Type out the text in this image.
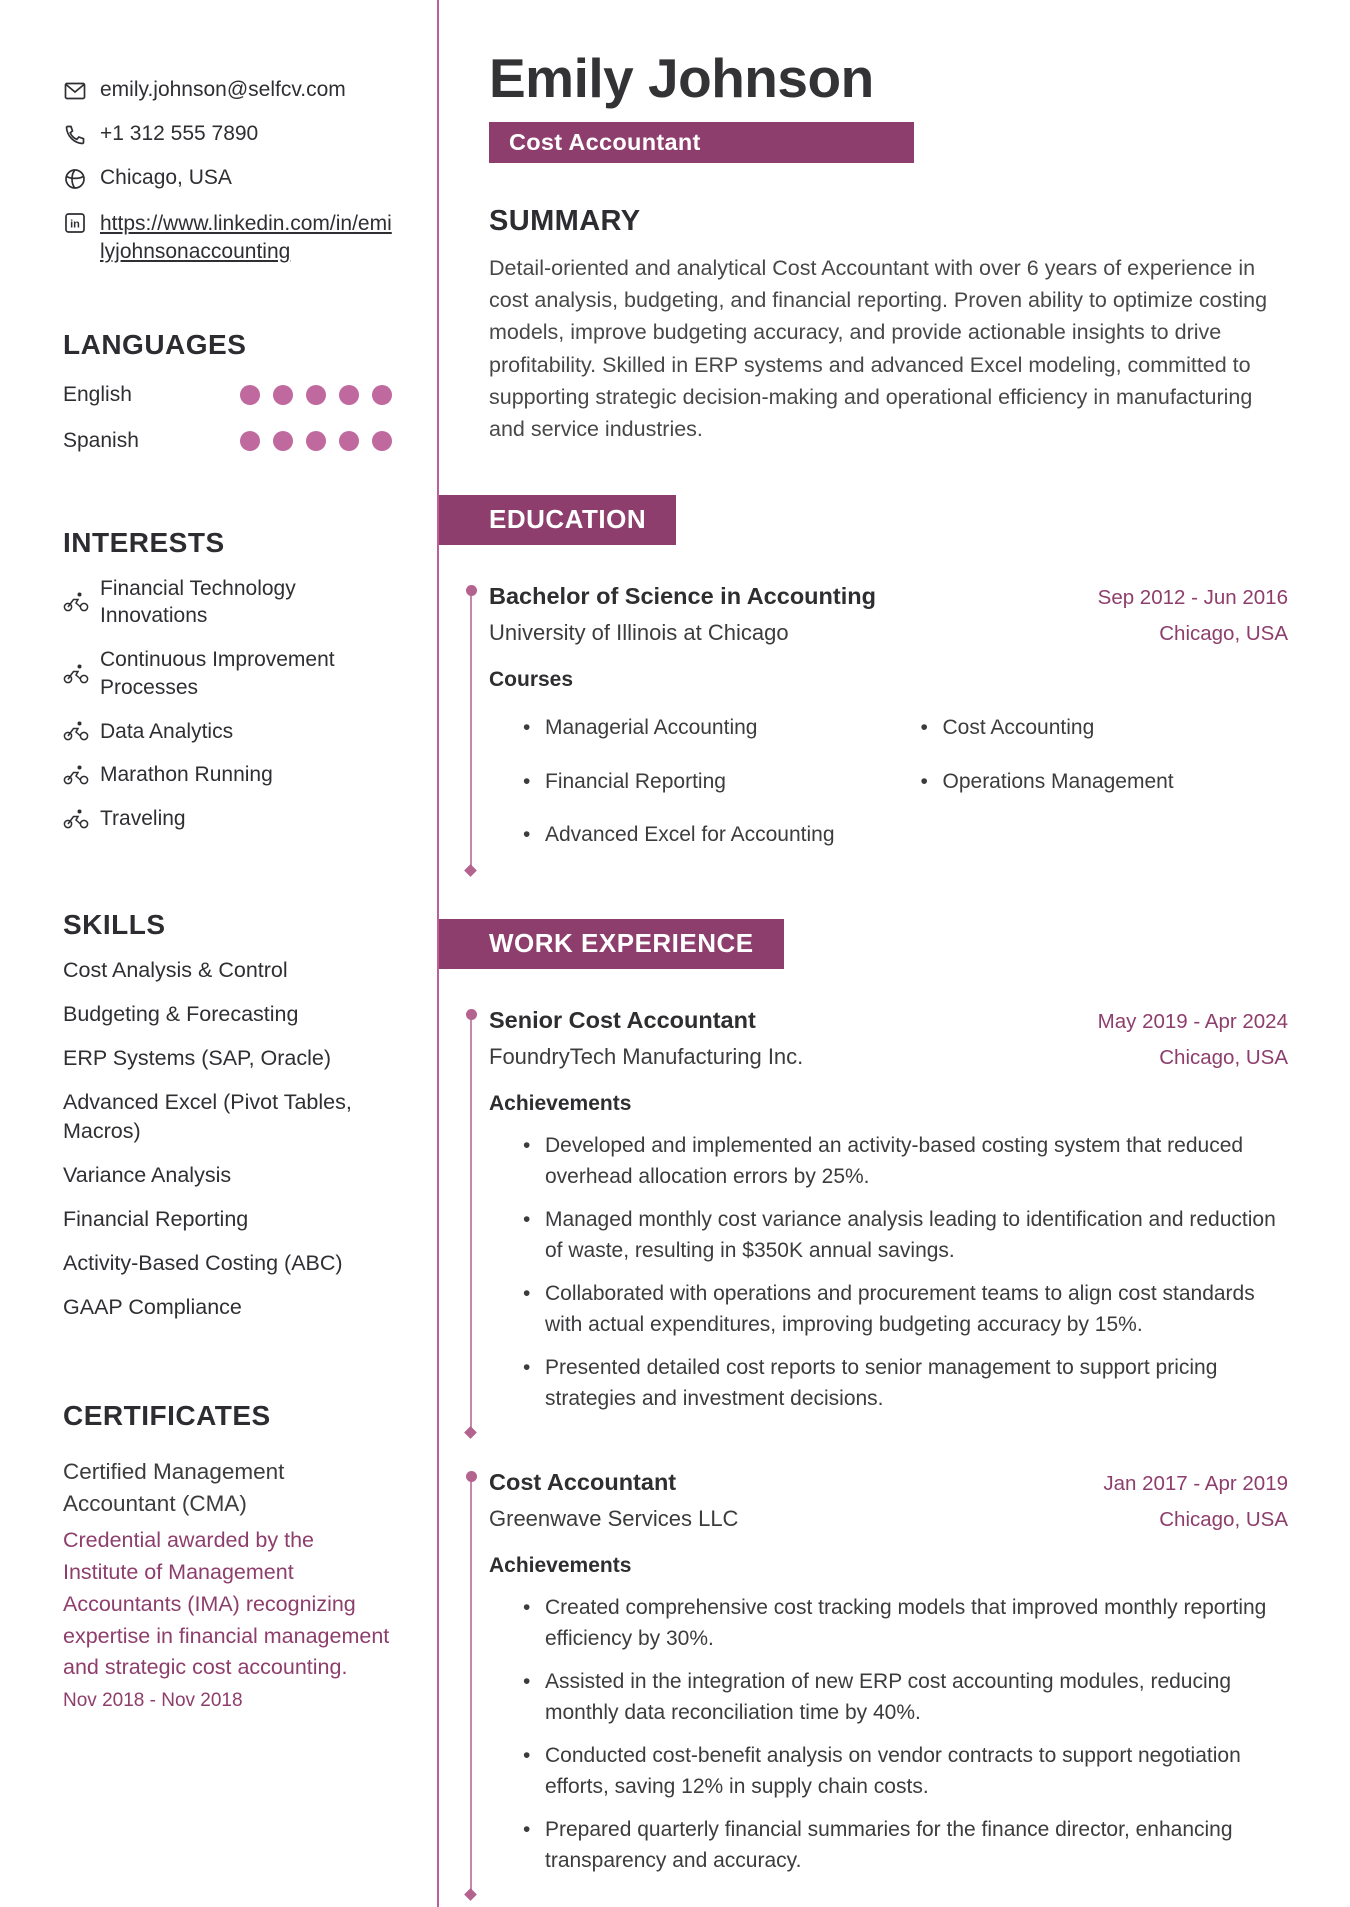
emily.johnson@selfcv.com
+1 312 555 7890
Chicago, USA
in https://www.linkedin.com/in/emilyjohnsonaccounting
LANGUAGES
English
Spanish
INTERESTS
Financial Technology Innovations
Continuous Improvement Processes
Data Analytics
Marathon Running
Traveling
SKILLS
Cost Analysis & Control
Budgeting & Forecasting
ERP Systems (SAP, Oracle)
Advanced Excel (Pivot Tables, Macros)
Variance Analysis
Financial Reporting
Activity-Based Costing (ABC)
GAAP Compliance
CERTIFICATES
Certified Management Accountant (CMA)
Credential awarded by the Institute of Management Accountants (IMA) recognizing expertise in financial management and strategic cost accounting.
Nov 2018 - Nov 2018
Emily Johnson
Cost Accountant
SUMMARY

Detail-oriented and analytical Cost Accountant with over 6 years of experience in cost analysis, budgeting, and financial reporting. Proven ability to optimize costing models, improve budgeting accuracy, and provide actionable insights to drive profitability. Skilled in ERP systems and advanced Excel modeling, committed to supporting strategic decision-making and operational efficiency in manufacturing and service industries.

EDUCATION
Bachelor of Science in Accounting	Sep 2012 - Jun 2016
University of Illinois at Chicago	Chicago, USA
Courses
• Managerial Accounting	• Cost Accounting
• Financial Reporting	• Operations Management
• Advanced Excel for Accounting
WORK EXPERIENCE
Senior Cost Accountant	May 2019 - Apr 2024
FoundryTech Manufacturing Inc.	Chicago, USA
Achievements
• Developed and implemented an activity-based costing system that reduced overhead allocation errors by 25%.
• Managed monthly cost variance analysis leading to identification and reduction of waste, resulting in $350K annual savings.
• Collaborated with operations and procurement teams to align cost standards with actual expenditures, improving budgeting accuracy by 15%.
• Presented detailed cost reports to senior management to support pricing strategies and investment decisions.
Cost Accountant	Jan 2017 - Apr 2019
Greenwave Services LLC	Chicago, USA
Achievements
• Created comprehensive cost tracking models that improved monthly reporting efficiency by 30%.
• Assisted in the integration of new ERP cost accounting modules, reducing monthly data reconciliation time by 40%.
• Conducted cost-benefit analysis on vendor contracts to support negotiation efforts, saving 12% in supply chain costs.
• Prepared quarterly financial summaries for the finance director, enhancing transparency and accuracy.
